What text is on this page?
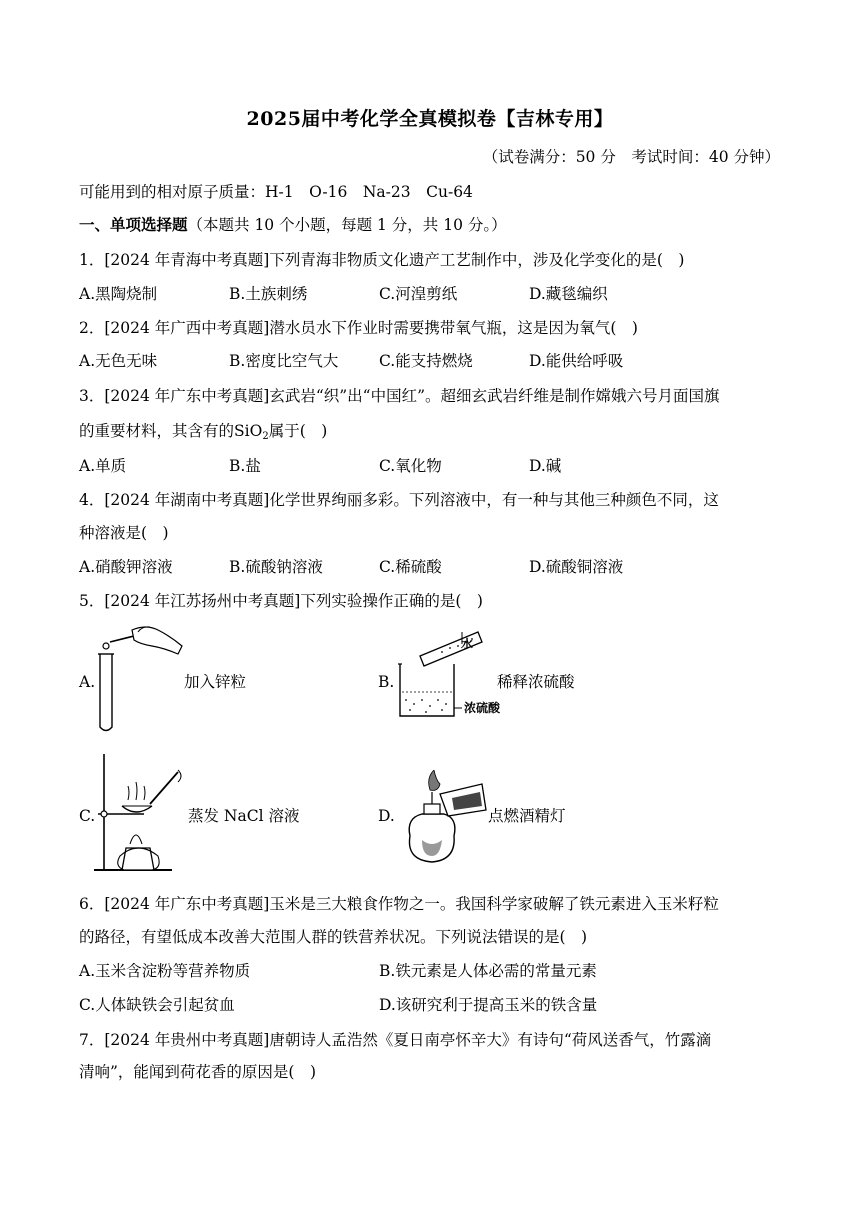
2025届中考化学全真模拟卷【吉林专用】
（试卷满分：50 分　考试时间：40 分钟）
可能用到的相对原子质量：H-1　O-16　Na-23　Cu-64
一、单项选择题（本题共 10 个小题，每题 1 分，共 10 分。）
1．[2024 年青海中考真题]下列青海非物质文化遗产工艺制作中，涉及化学变化的是(　)
A.黑陶烧制	B.土族刺绣	C.河湟剪纸	D.藏毯编织
2．[2024 年广西中考真题]潜水员水下作业时需要携带氧气瓶，这是因为氧气(　)
A.无色无味	B.密度比空气大	C.能支持燃烧	D.能供给呼吸
3．[2024 年广东中考真题]玄武岩“织”出“中国红”。超细玄武岩纤维是制作嫦娥六号月面国旗
的重要材料，其含有的SiO$_2$属于(　)
A.单质	B.盐	C.氧化物	D.碱
4．[2024 年湖南中考真题]化学世界绚丽多彩。下列溶液中，有一种与其他三种颜色不同，这
种溶液是(　)
A.硝酸钾溶液	B.硫酸钠溶液	C.稀硫酸	D.硫酸铜溶液
5．[2024 年江苏扬州中考真题]下列实验操作正确的是(　)
A.	加入锌粒	B.
水
浓硫酸
稀释浓硫酸
C.	蒸发 NaCl 溶液	D.	点燃酒精灯
6．[2024 年广东中考真题]玉米是三大粮食作物之一。我国科学家破解了铁元素进入玉米籽粒
的路径，有望低成本改善大范围人群的铁营养状况。下列说法错误的是(　)
A.玉米含淀粉等营养物质	B.铁元素是人体必需的常量元素
C.人体缺铁会引起贫血	D.该研究利于提高玉米的铁含量
7．[2024 年贵州中考真题]唐朝诗人孟浩然《夏日南亭怀辛大》有诗句“荷风送香气，竹露滴
清响”，能闻到荷花香的原因是(　)
